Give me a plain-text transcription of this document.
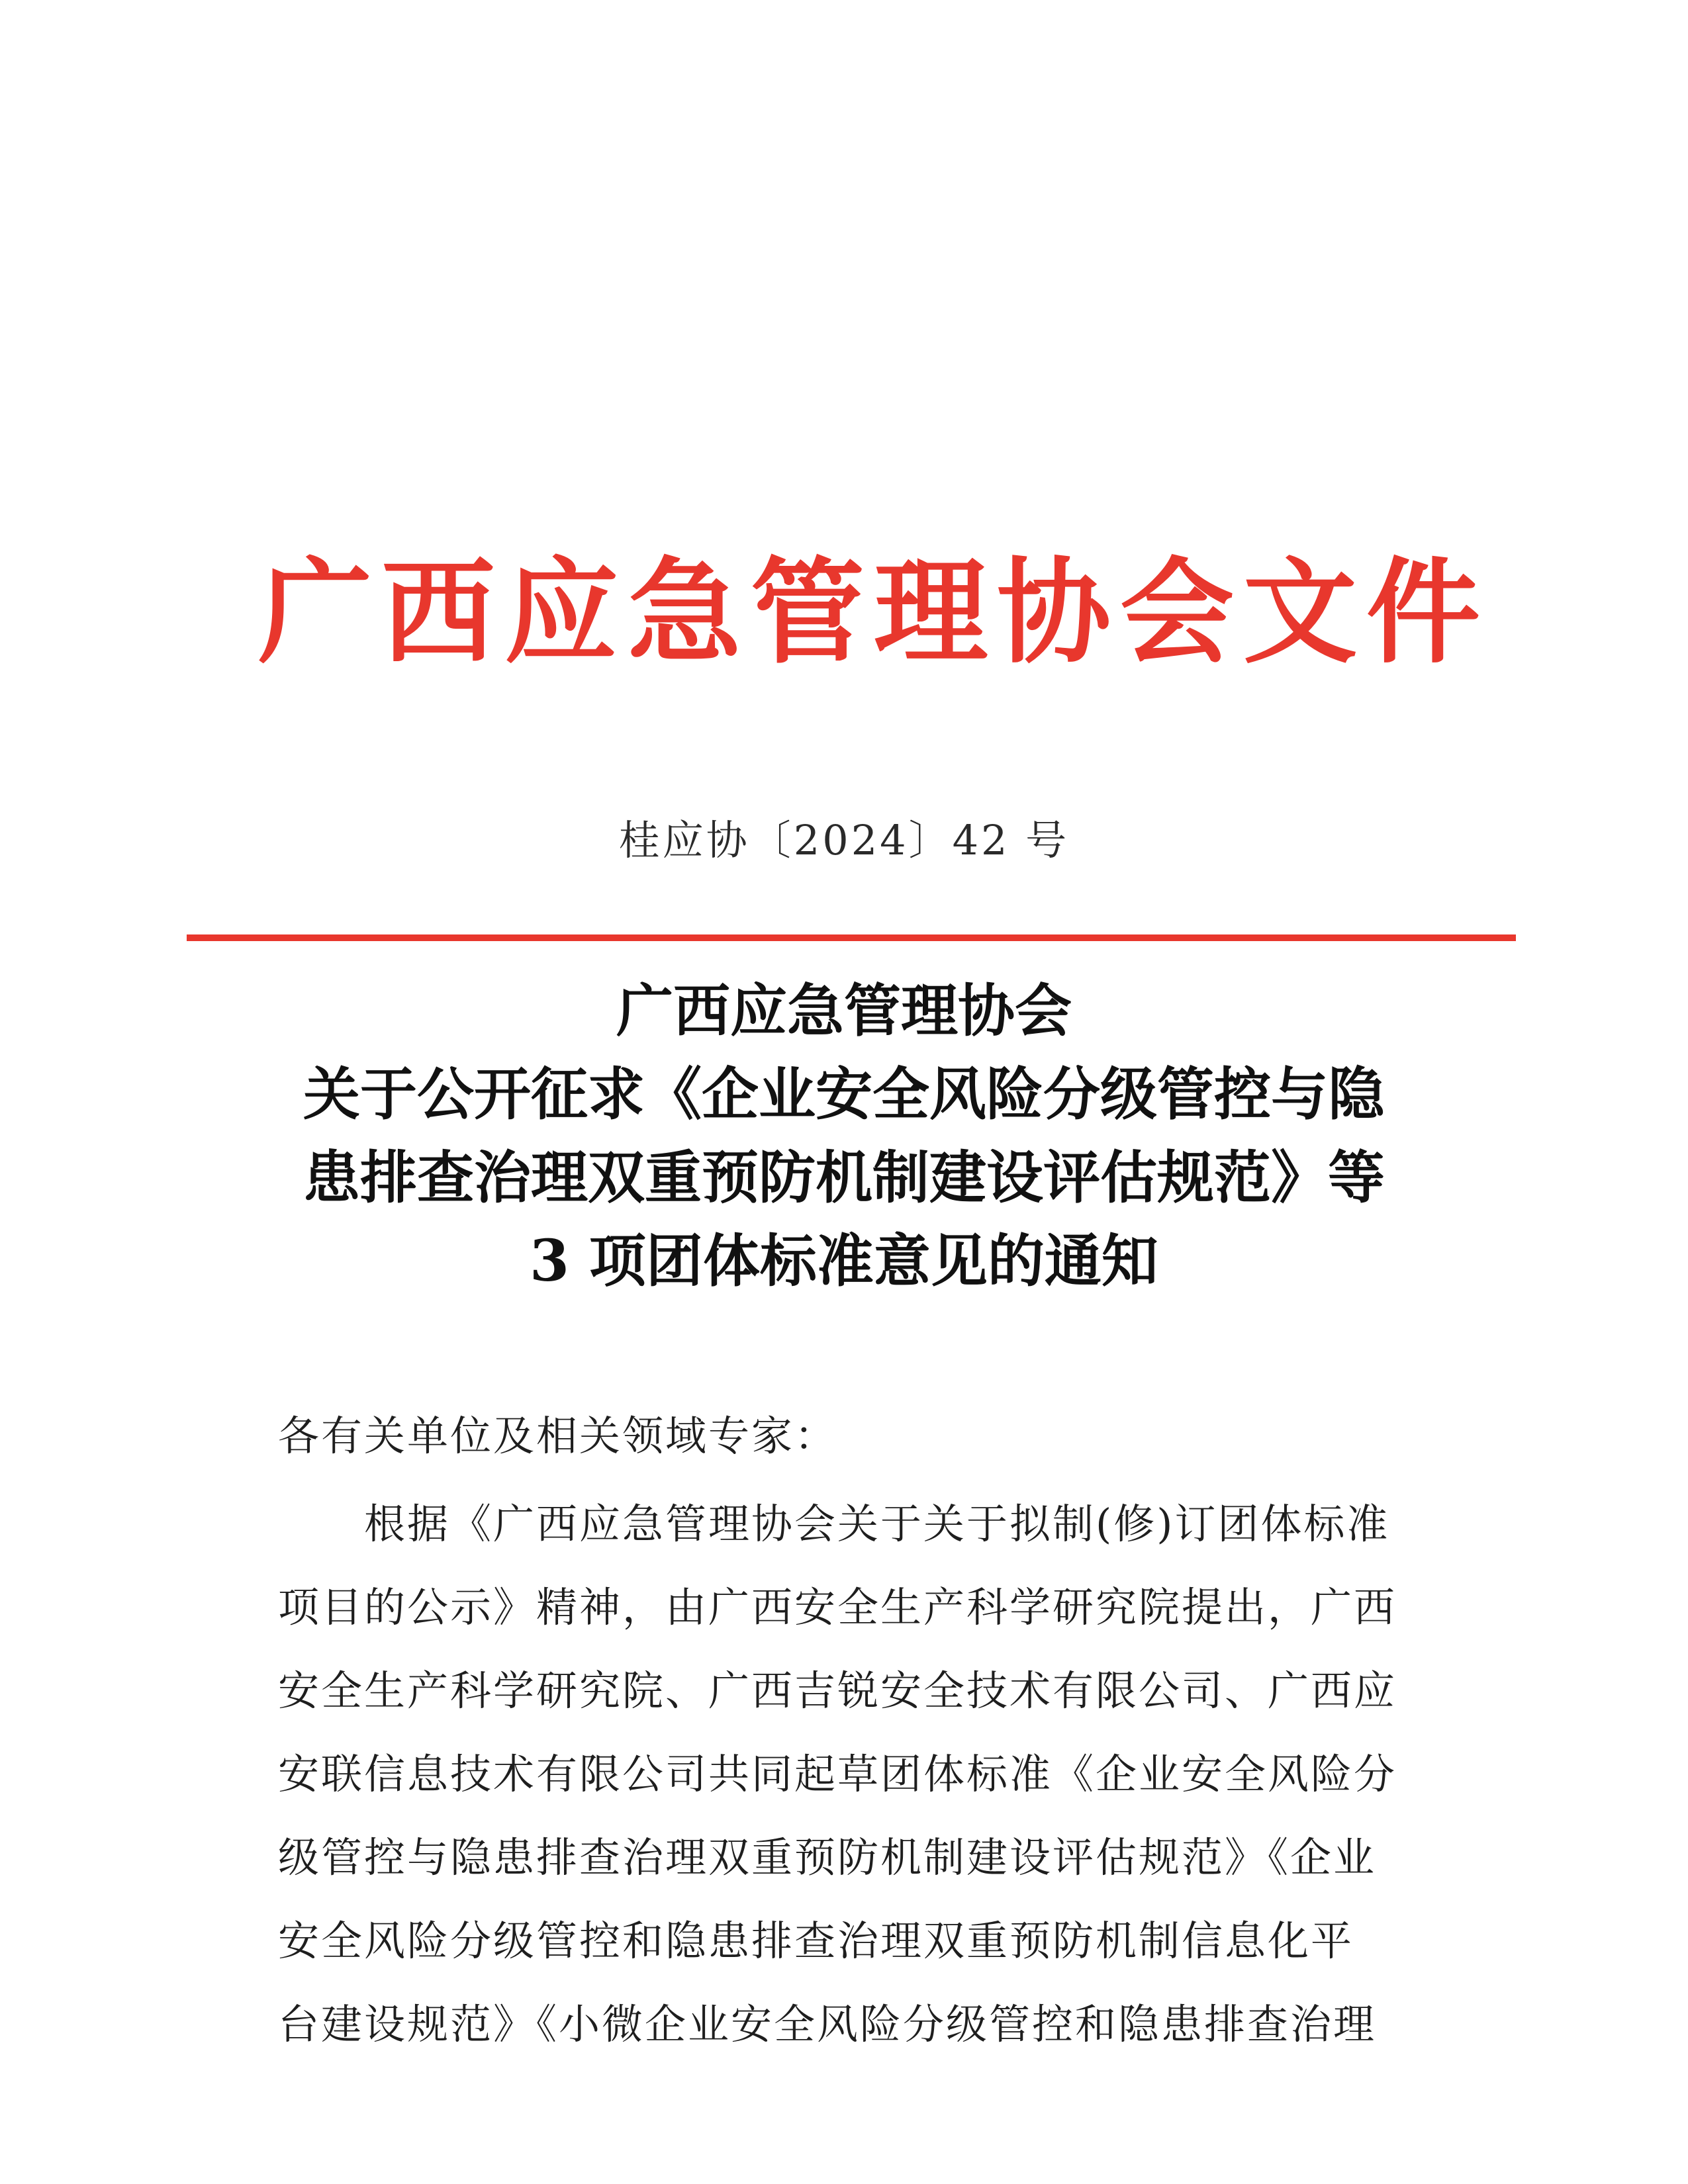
广西应急管理协会文件
桂应协〔2024〕42 号
广西应急管理协会
关于公开征求《企业安全风险分级管控与隐
患排查治理双重预防机制建设评估规范》等
3 项团体标准意见的通知
各有关单位及相关领域专家：
　　根据《广西应急管理协会关于关于拟制(修)订团体标准
项目的公示》精神，由广西安全生产科学研究院提出，广西
安全生产科学研究院、广西吉锐安全技术有限公司、广西应
安联信息技术有限公司共同起草团体标准《企业安全风险分
级管控与隐患排查治理双重预防机制建设评估规范》《企业
安全风险分级管控和隐患排查治理双重预防机制信息化平
台建设规范》《小微企业安全风险分级管控和隐患排查治理
